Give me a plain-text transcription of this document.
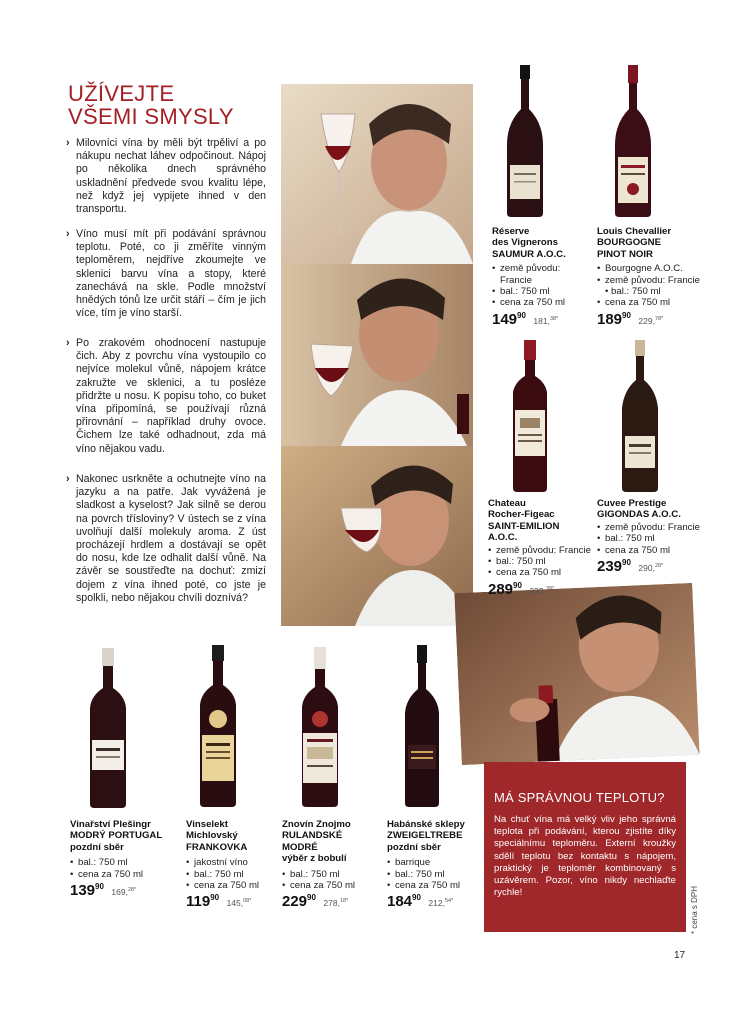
UŽÍVEJTE
VŠEMI SMYSLY
› Milovníci vína by měli být trpěliví a po nákupu nechat láhev odpočinout. Nápoj po několika dnech správného uskladnění předvede svou kvalitu lépe, než když jej vypijete ihned v den transportu.
› Víno musí mít při podávání správnou teplotu. Poté, co ji změříte vinným teploměrem, nejdříve zkoumejte ve sklenici barvu vína a stopy, které zanechává na skle. Podle množství hnědých tónů lze určit stáří – čím je jich více, tím je víno starší.
› Po zrakovém ohodnocení nastupuje čich. Aby z povrchu vína vystoupilo co nejvíce molekul vůně, nápojem krátce zakružte ve sklenici, a tu posléze přidržte u nosu. K popisu toho, co buket vína připomíná, se používají různá přirovnání – například druhy ovoce. Čichem lze také odhadnout, zda má víno nějakou vadu.
› Nakonec usrkněte a ochutnejte víno na jazyku a na patře. Jak vyvážená je sladkost a kyselost? Jak silně se derou na povrch třísloviny? V ústech se z vína uvolňují další molekuly aroma. Z úst procházejí hrdlem a dostávají se opět do nosu, kde lze odhalit další vůně. Na závěr se soustřeďte na dochuť: zmizí dojem z vína ihned poté, co jste je spolkli, nebo nějakou chvíli doznívá?
Réserve
des Vignerons
SAUMUR A.O.C.
• země původu: Francie
• bal.: 750 ml
• cena za 750 ml
$149^{90}$ 181,$^{38*}$
Louis Chevallier
BOURGOGNE
PINOT NOIR
• Bourgogne A.O.C.
• země původu: Francie • bal.: 750 ml
• cena za 750 ml
$189^{90}$ 229,$^{78*}$
Chateau
Rocher-Figeac
SAINT-EMILION
A.O.C.
• země původu: Francie
• bal.: 750 ml
• cena za 750 ml
$289^{90}$ 333,$^{38*}$
Cuvee Prestige
GIGONDAS A.O.C.
• země původu: Francie
• bal.: 750 ml
• cena za 750 ml
$239^{90}$ 290,$^{28*}$
Vinařství Plešingr
MODRÝ PORTUGAL
pozdní sběr
• bal.: 750 ml
• cena za 750 ml
$139^{90}$ 169,$^{28*}$
Vinselekt
Michlovský
FRANKOVKA
• jakostní víno
• bal.: 750 ml
• cena za 750 ml
$119^{90}$ 145,$^{08*}$
Znovín Znojmo
RULANDSKÉ
MODRÉ
výběr z bobulí
• bal.: 750 ml
• cena za 750 ml
$229^{90}$ 278,$^{18*}$
Habánské sklepy
ZWEIGELTREBE
pozdní sběr
• barrique
• bal.: 750 ml
• cena za 750 ml
$184^{90}$ 212,$^{54*}$
MÁ SPRÁVNOU TEPLOTU?
Na chuť vína má velký vliv jeho správná teplota při podávání, kterou zjistíte díky speciálnímu teploměru. Externí kroužky sdělí teplotu bez kontaktu s nápojem, praktický je teploměr kombinovaný s uzávěrem. Pozor, víno nikdy nechlaďte rychle!	* cena s DPH
17
